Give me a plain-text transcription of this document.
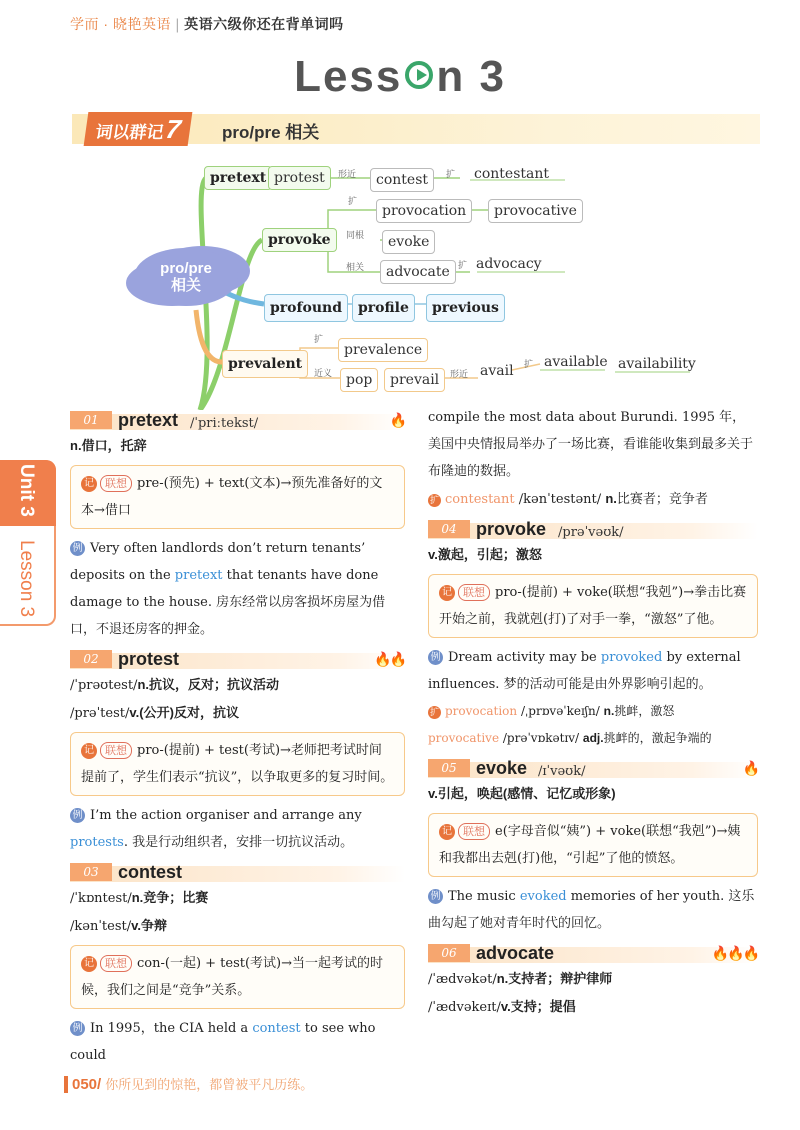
学而 · 晓艳英语 | 英语六级你还在背单词吗
Less n 3
词以群记7	pro/pre 相关
pro/pre
相关
pretext protest	形近	contest	扩 contestant
provoke
扩
provocation	provocative
同根	evoke
相关	advocate 扩 advocacy
profound	profile	previous
prevalent
扩
prevalence
近义 pop	prevail	形近 avail 扩 available availability
Unit 3
Lesson 3
01	pretext /ˈpriːtekst/	🔥
n.借口，托辞
记 联想 pre-(预先) + text(文本)→预先准备好的文本→借口
例 Very often landlords don’t return tenants’ deposits on the pretext that tenants have done damage to the house. 房东经常以房客损坏房屋为借口，不退还房客的押金。
02	protest	🔥🔥
/ˈprəʊtest/n.抗议，反对；抗议活动
/prəˈtest/v.(公开)反对，抗议
记 联想 pro-(提前) + test(考试)→老师把考试时间提前了，学生们表示“抗议”，以争取更多的复习时间。
例 I’m the action organiser and arrange any protests. 我是行动组织者，安排一切抗议活动。
03	contest
/ˈkɒntest/n.竞争；比赛
/kənˈtest/v.争辩
记 联想 con-(一起) + test(考试)→当一起考试的时候，我们之间是“竞争”关系。
例 In 1995，the CIA held a contest to see who could
compile the most data about Burundi. 1995 年，美国中央情报局举办了一场比赛，看谁能收集到最多关于布隆迪的数据。
扩 contestant /kənˈtestənt/ n.比赛者；竞争者
04	provoke /prəˈvəʊk/
v.激起，引起；激怒
记 联想 pro-(提前) + voke(联想“我剋”)→拳击比赛开始之前，我就剋(打)了对手一拳，“激怒”了他。
例 Dream activity may be provoked by external influences. 梦的活动可能是由外界影响引起的。
扩 provocation /ˌprɒvəˈkeɪʃn/ n.挑衅，激怒
provocative /prəˈvɒkətɪv/ adj.挑衅的，激起争端的
05	evoke /ɪˈvəʊk/	🔥
v.引起，唤起(感情、记忆或形象)
记 联想 e(字母音似“姨”) + voke(联想“我剋”)→姨和我都出去剋(打)他，“引起”了他的愤怒。
例 The music evoked memories of her youth. 这乐曲勾起了她对青年时代的回忆。
06	advocate	🔥🔥🔥
/ˈædvəkət/n.支持者；辩护律师
/ˈædvəkeɪt/v.支持；提倡
050/ 你所见到的惊艳，都曾被平凡历练。
